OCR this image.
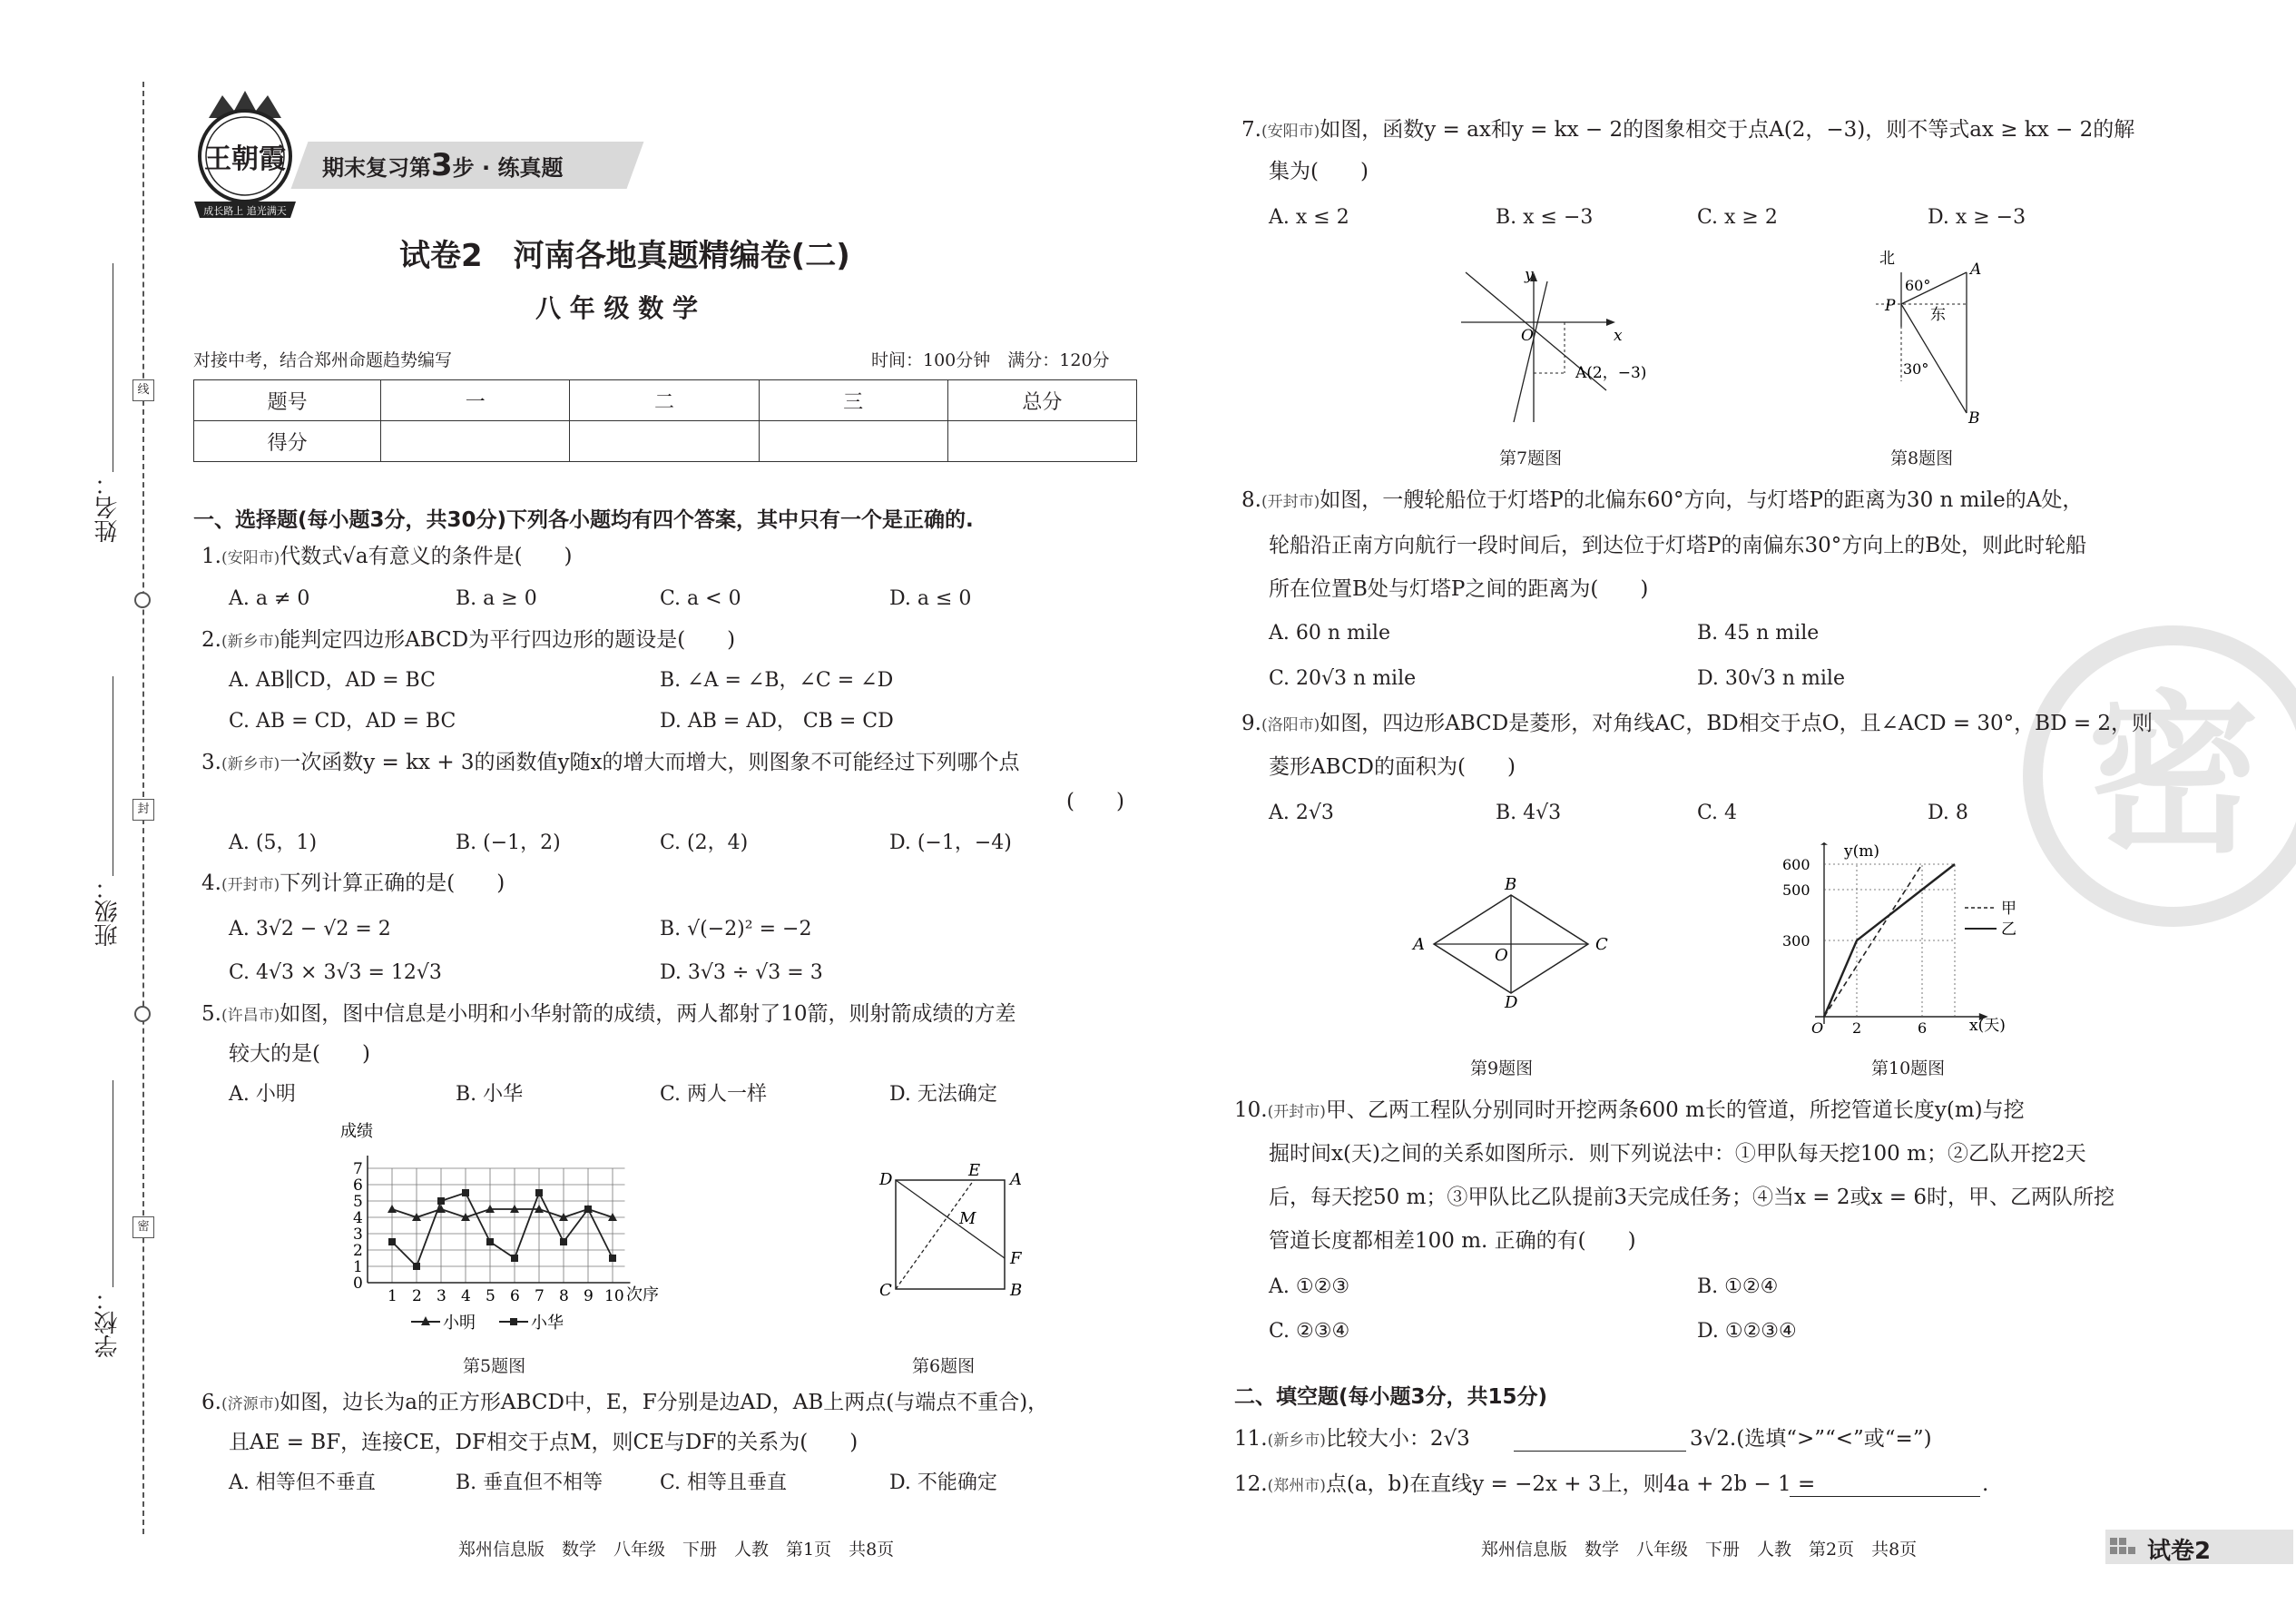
线
封
密
姓名：
班级：
学校：
王朝霞
成长路上 追光满天
期末复习第3步 · 练真题
试卷2　河南各地真题精编卷(二)
八 年 级 数 学
对接中考，结合郑州命题趋势编写	时间：100分钟　满分：120分
题号	一	二	三	总分
得分				
一、选择题(每小题3分，共30分)下列各小题均有四个答案，其中只有一个是正确的.
1.(安阳市)代数式√a有意义的条件是(　　)
A. a ≠ 0	B. a ≥ 0	C. a < 0	D. a ≤ 0
2.(新乡市)能判定四边形ABCD为平行四边形的题设是(　　)
A. AB∥CD，AD = BC	B. ∠A = ∠B，∠C = ∠D
C. AB = CD，AD = BC	D. AB = AD， CB = CD
3.(新乡市)一次函数y = kx + 3的函数值y随x的增大而增大，则图象不可能经过下列哪个点
(　　)
A. (5，1)	B. (−1，2)	C. (2，4)	D. (−1，−4)
4.(开封市)下列计算正确的是(　　)
A. 3√2 − √2 = 2	B. √(−2)² = −2
C. 4√3 × 3√3 = 12√3	D. 3√3 ÷ √3 = 3
5.(许昌市)如图，图中信息是小明和小华射箭的成绩，两人都射了10箭，则射箭成绩的方差
较大的是(　　)
A. 小明	B. 小华	C. 两人一样	D. 无法确定
0
1
2
3
4
5
6
7
1 2 3 4 5 6 7 8 9 10
成绩
次序
小明	小华
第5题图
D	E A
M
F
C	B
第6题图
6.(济源市)如图，边长为a的正方形ABCD中，E，F分别是边AD，AB上两点(与端点不重合)，
且AE = BF，连接CE，DF相交于点M，则CE与DF的关系为(　　)
A. 相等但不垂直	B. 垂直但不相等	C. 相等且垂直	D. 不能确定
郑州信息版　数学　八年级　下册　人教　第1页　共8页
密
7.(安阳市)如图，函数y = ax和y = kx − 2的图象相交于点A(2，−3)，则不等式ax ≥ kx − 2的解
集为(　　)
A. x ≤ 2	B. x ≤ −3	C. x ≥ 2	D. x ≥ −3
y
O	x
A(2，−3)
第7题图
北
A
60°
P 东
30°
B
第8题图
8.(开封市)如图，一艘轮船位于灯塔P的北偏东60°方向，与灯塔P的距离为30 n mile的A处，
轮船沿正南方向航行一段时间后，到达位于灯塔P的南偏东30°方向上的B处，则此时轮船
所在位置B处与灯塔P之间的距离为(　　)
A. 60 n mile	B. 45 n mile
C. 20√3 n mile	D. 30√3 n mile
9.(洛阳市)如图，四边形ABCD是菱形，对角线AC，BD相交于点O，且∠ACD = 30°，BD = 2，则
菱形ABCD的面积为(　　)
A. 2√3	B. 4√3	C. 4	D. 8
B
A
O
C
D
第9题图
300
500
600
O 2	6
y(m)
x(天)
甲
乙
第10题图
10.(开封市)甲、乙两工程队分别同时开挖两条600 m长的管道，所挖管道长度y(m)与挖
掘时间x(天)之间的关系如图所示．则下列说法中：①甲队每天挖100 m；②乙队开挖2天
后，每天挖50 m；③甲队比乙队提前3天完成任务；④当x = 2或x = 6时，甲、乙两队所挖
管道长度都相差100 m. 正确的有(　　)
A. ①②③	B. ①②④
C. ②③④	D. ①②③④
二、填空题(每小题3分，共15分)
11.(新乡市)比较大小：2√3	3√2.(选填“>”“<”或“=”)
12.(郑州市)点(a，b)在直线y = −2x + 3上，则4a + 2b − 1 =	.
郑州信息版　数学　八年级　下册　人教　第2页　共8页	试卷2
